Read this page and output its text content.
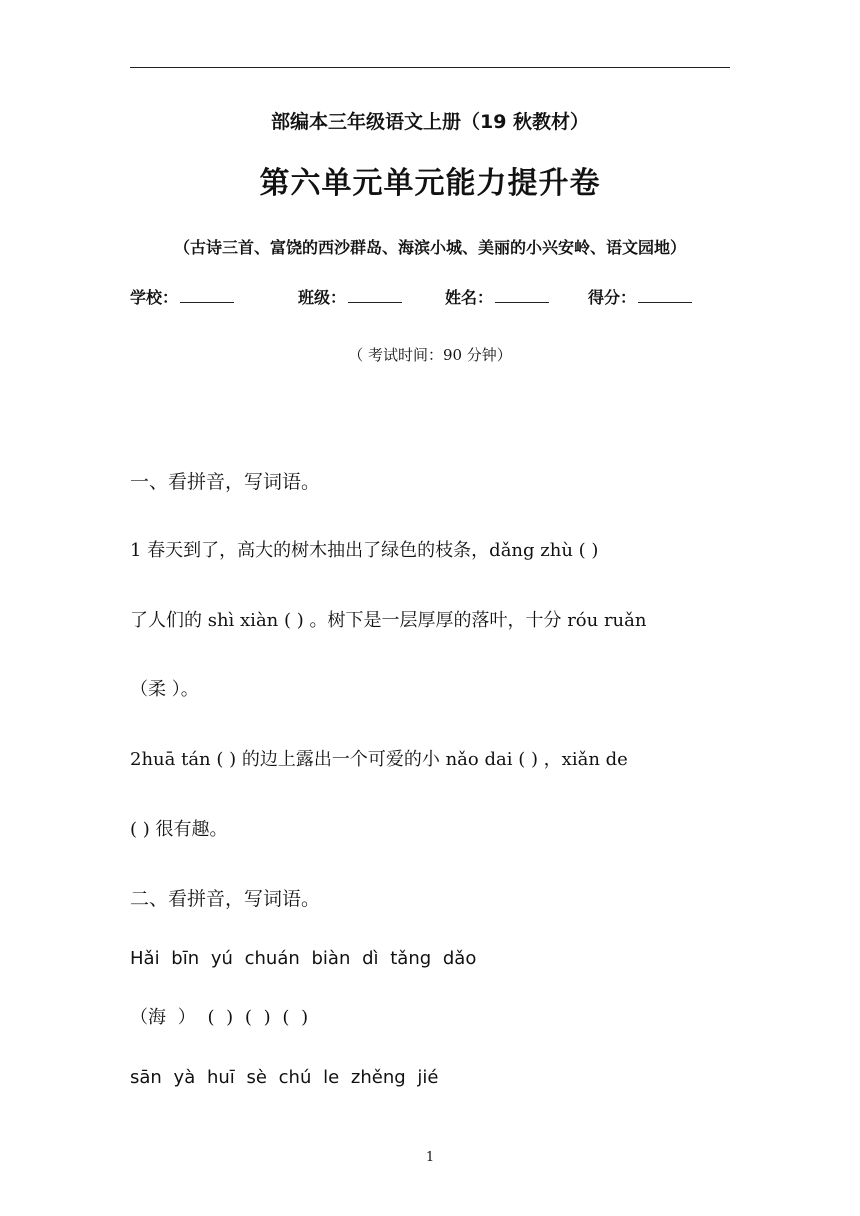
部编本三年级语文上册（19 秋教材）
第六单元单元能力提升卷
（古诗三首、富饶的西沙群岛、海滨小城、美丽的小兴安岭、语文园地）
学校：	班级：	姓名：	得分：
（ 考试时间：90 分钟）
一、看拼音，写词语。
1 春天到了，高大的树木抽出了绿色的枝条，dǎng zhù ( )
了人们的 shì xiàn ( ) 。树下是一层厚厚的落叶，十分 róu ruǎn
（柔 ）。
2huā tán ( ) 的边上露出一个可爱的小 nǎo dai ( ) ，xiǎn de
( ) 很有趣。
二、看拼音，写词语。
Hǎi bīn yú chuán biàn dì tǎng dǎo
（海 ） ( ) ( ) ( )
sān yà huī sè chú le zhěng jié
1
